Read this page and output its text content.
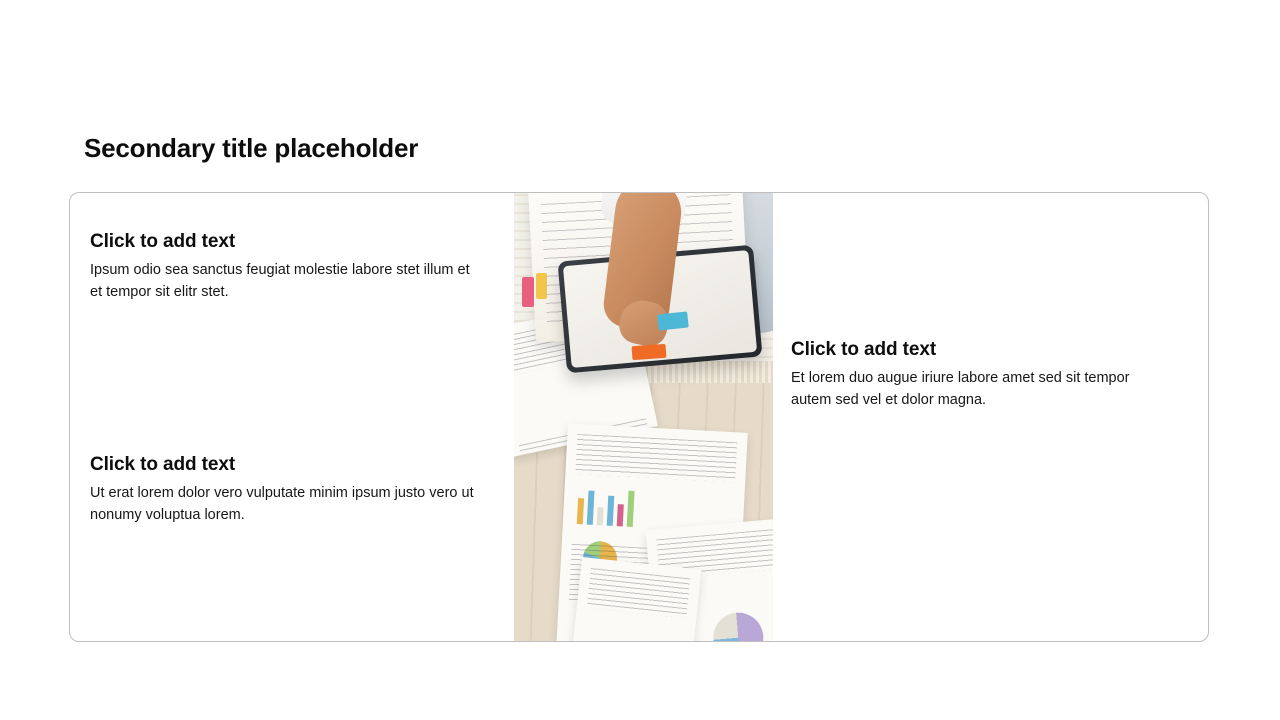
Secondary title placeholder
Click to add text

Ipsum odio sea sanctus feugiat molestie labore stet illum et et tempor sit elitr stet.

Click to add text

Ut erat lorem dolor vero vulputate minim ipsum justo vero ut nonumy voluptua lorem.

Click to add text

Et lorem duo augue iriure labore amet sed sit tempor autem sed vel et dolor magna.
